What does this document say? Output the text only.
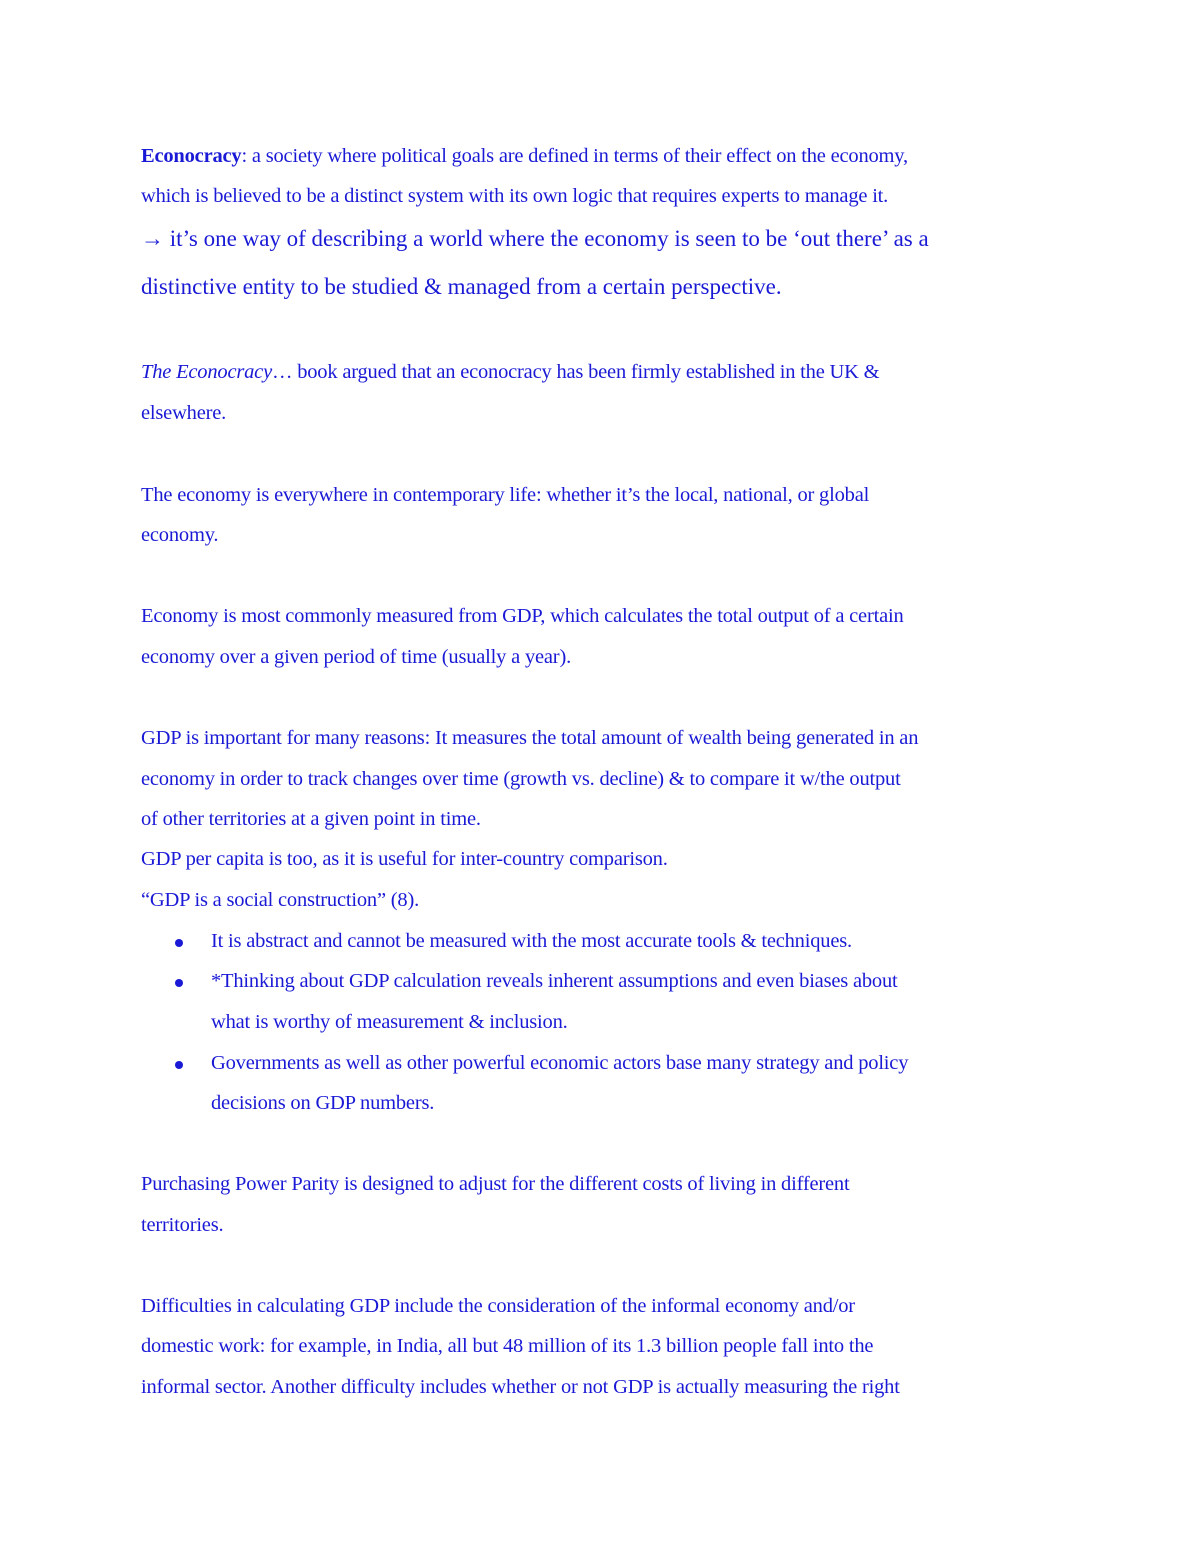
Econocracy: a society where political goals are defined in terms of their effect on the economy,
which is believed to be a distinct system with its own logic that requires experts to manage it.
→ it’s one way of describing a world where the economy is seen to be ‘out there’ as a
distinctive entity to be studied & managed from a certain perspective.
The Econocracy… book argued that an econocracy has been firmly established in the UK &
elsewhere.
The economy is everywhere in contemporary life: whether it’s the local, national, or global
economy.
Economy is most commonly measured from GDP, which calculates the total output of a certain
economy over a given period of time (usually a year).
GDP is important for many reasons: It measures the total amount of wealth being generated in an
economy in order to track changes over time (growth vs. decline) & to compare it w/the output
of other territories at a given point in time.
GDP per capita is too, as it is useful for inter-country comparison.
“GDP is a social construction” (8).
It is abstract and cannot be measured with the most accurate tools & techniques.
*Thinking about GDP calculation reveals inherent assumptions and even biases about
what is worthy of measurement & inclusion.
Governments as well as other powerful economic actors base many strategy and policy
decisions on GDP numbers.
Purchasing Power Parity is designed to adjust for the different costs of living in different
territories.
Difficulties in calculating GDP include the consideration of the informal economy and/or
domestic work: for example, in India, all but 48 million of its 1.3 billion people fall into the
informal sector. Another difficulty includes whether or not GDP is actually measuring the right
